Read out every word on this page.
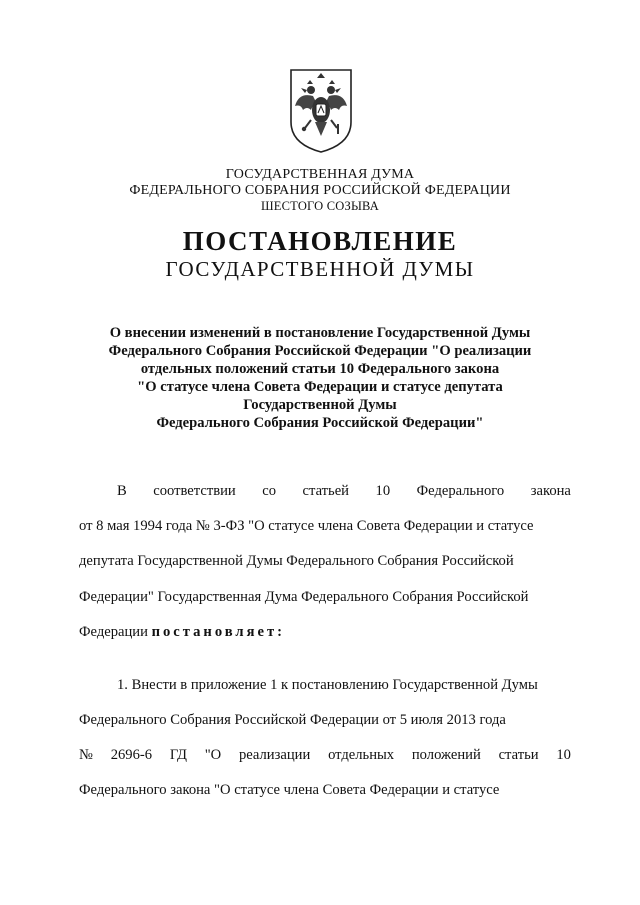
ГОСУДАРСТВЕННАЯ ДУМА
ФЕДЕРАЛЬНОГО СОБРАНИЯ РОССИЙСКОЙ ФЕДЕРАЦИИ
ШЕСТОГО СОЗЫВА
ПОСТАНОВЛЕНИЕ
ГОСУДАРСТВЕННОЙ ДУМЫ
О внесении изменений в постановление Государственной Думы
Федерального Собрания Российской Федерации "О реализации
отдельных положений статьи 10 Федерального закона
"О статусе члена Совета Федерации и статусе депутата
Государственной Думы
Федерального Собрания Российской Федерации"
В соответствии со статьей 10 Федерального закона
от 8 мая 1994 года № 3-ФЗ "О статусе члена Совета Федерации и статусе
депутата Государственной Думы Федерального Собрания Российской
Федерации" Государственная Дума Федерального Собрания Российской
Федерации постановляет:
1. Внести в приложение 1 к постановлению Государственной Думы
Федерального Собрания Российской Федерации от 5 июля 2013 года
№ 2696-6 ГД "О реализации отдельных положений статьи 10
Федерального закона "О статусе члена Совета Федерации и статусе
